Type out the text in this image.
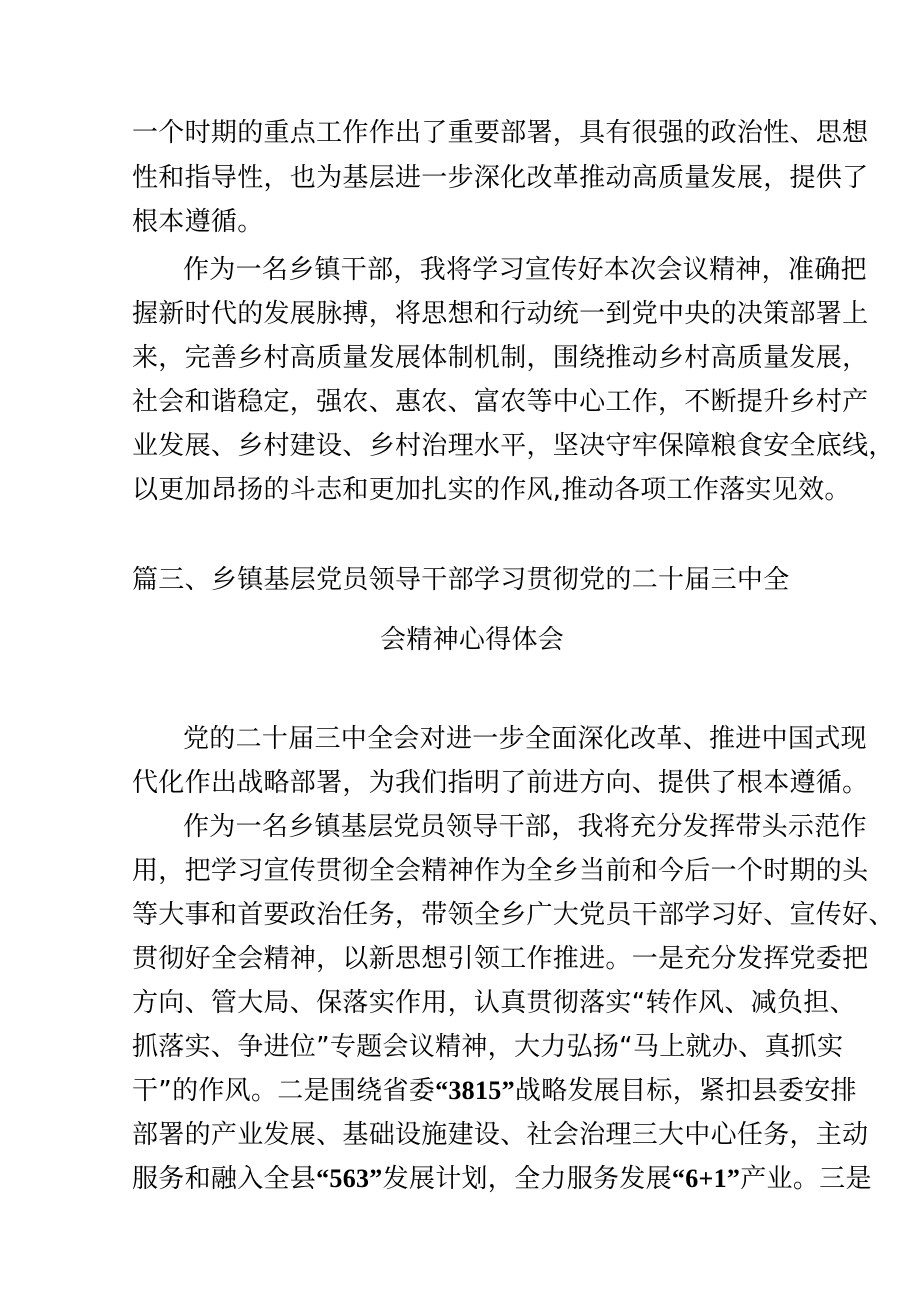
一个时期的重点工作作出了重要部署，具有很强的政治性、思想
性和指导性，也为基层进一步深化改革推动高质量发展，提供了
根本遵循。
作为一名乡镇干部，我将学习宣传好本次会议精神，准确把
握新时代的发展脉搏，将思想和行动统一到党中央的决策部署上
来，完善乡村高质量发展体制机制，围绕推动乡村高质量发展，
社会和谐稳定，强农、惠农、富农等中心工作，不断提升乡村产
业发展、乡村建设、乡村治理水平，坚决守牢保障粮食安全底线，
以更加昂扬的斗志和更加扎实的作风,推动各项工作落实见效。
篇三、乡镇基层党员领导干部学习贯彻党的二十届三中全
会精神心得体会
党的二十届三中全会对进一步全面深化改革、推进中国式现
代化作出战略部署，为我们指明了前进方向、提供了根本遵循。
作为一名乡镇基层党员领导干部，我将充分发挥带头示范作
用，把学习宣传贯彻全会精神作为全乡当前和今后一个时期的头
等大事和首要政治任务，带领全乡广大党员干部学习好、宣传好、
贯彻好全会精神，以新思想引领工作推进。一是充分发挥党委把
方向、管大局、保落实作用，认真贯彻落实“转作风、减负担、
抓落实、争进位”专题会议精神，大力弘扬“马上就办、真抓实
干”的作风。二是围绕省委“3815”战略发展目标，紧扣县委安排
部署的产业发展、基础设施建设、社会治理三大中心任务，主动
服务和融入全县“563”发展计划，全力服务发展“6+1”产业。三是
